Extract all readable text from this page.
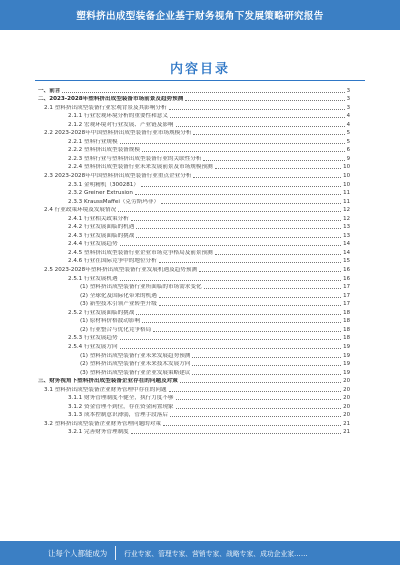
塑料挤出成型装备企业基于财务视角下发展策略研究报告
内容目录
一、前言	3
二、2023-2028年塑料挤出成型装备市场前景及趋势预测	3
2.1 塑料挤出成型装备行业宏观背景及其影响分析	3
2.1.1 行业宏观环境分析的重要性和意义	4
2.1.2 宏观环境对行业发展、产业链及影响	4
2.2 2023-2028年中国塑料挤出成型装备行业市场规模分析	5
2.2.1 塑料行业规模	5
2.2.2 塑料挤出成型装备规模	6
2.2.3 塑料行业与塑料挤出成型装备行业的关联性分析	9
2.2.4 塑料挤出成型装备行业未来发展前景及市场规模预测	10
2.3 2023-2028年中国塑料挤出成型装备行业重点企业分析	10
2.3.1 金明精机（300281）	10
2.3.2 Greiner Extrusion	11
2.3.3 KraussMaffei（克劳斯玛菲）	11
2.4 行业政策环境及发展情况	12
2.4.1 行业相关政策分析	12
2.4.2 行业发展面临的机遇	13
2.4.3 行业发展面临的挑战	13
2.4.4 行业发展趋势	14
2.4.5 塑料挤出成型装备行业企业市场竞争格局及前景预测	14
2.4.6 行业在国际竞争中的地位分析	15
2.5 2023-2028年塑料挤出成型装备行业发展机遇及趋势预测	16
2.5.1 行业发展机遇	16
(1) 塑料挤出成型装备行业所面临的市场需求变化	17
(2) 全球化及国际化带来的机遇	17
(3) 新型技术引领产业转型升级	17
2.5.2 行业发展面临的挑战	18
(1) 原材料价格波动影响	18
(2) 行业整合与优化竞争格局	18
2.5.3 行业发展趋势	18
2.5.4 行业发展方向	19
(1) 塑料挤出成型装备行业未来发展趋势预测	19
(2) 塑料挤出成型装备行业未来技术发展方向	19
(3) 塑料挤出成型装备行业企业发展策略建议	19
三、财务视角下塑料挤出成型装备企业存在的问题及对策	20
3.1 塑料挤出成型装备企业财务管理中存在的问题	20
3.1.1 财务管理制度不健全，执行力度不够	20
3.1.2 资金管理不到位，存在资金闲置现象	20
3.1.3 成本控制意识薄弱，管理手段落后	20
3.2 塑料挤出成型装备企业财务管理问题的对策	21
3.2.1 完善财务管理制度	21
让每个人都能成为	行业专家、管理专家、营销专家、战略专家、成功企业家……
